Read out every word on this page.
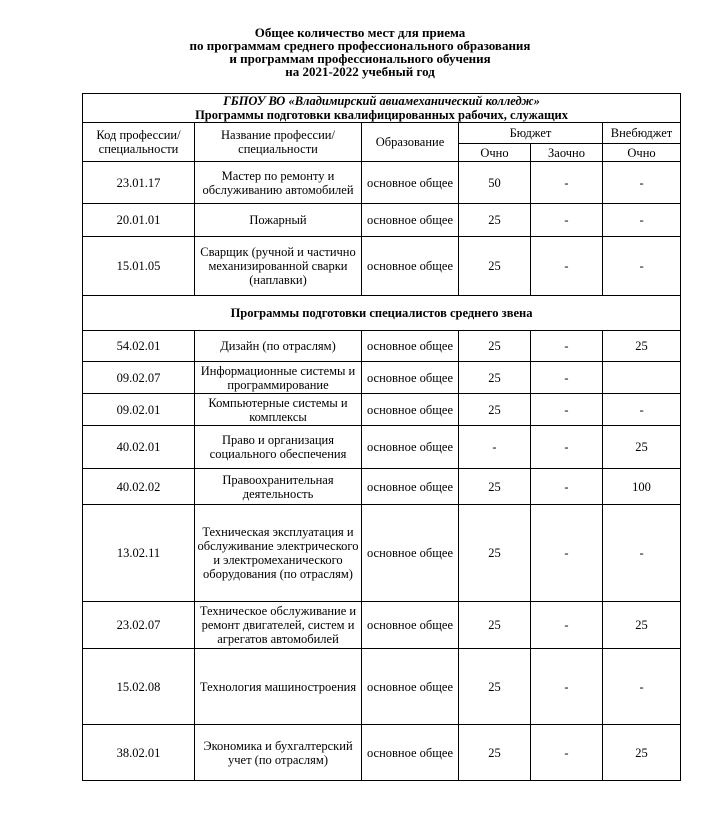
Общее количество мест для приема
по программам среднего профессионального образования
и программам профессионального обучения
на 2021-2022 учебный год
ГБПОУ ВО «Владимирский авиамеханический колледж»					
Программы подготовки квалифицированных рабочих, служащих					
Код профессии/ специальности	Название профессии/ специальности	Образование	Бюджет		Внебюджет
			Очно	Заочно	Очно
23.01.17	Мастер по ремонту и обслуживанию автомобилей	основное общее	50	-	-
20.01.01	Пожарный	основное общее	25	-	-
15.01.05	Сварщик (ручной и частично механизированной сварки (наплавки)	основное общее	25	-	-
Программы подготовки специалистов среднего звена					
54.02.01	Дизайн (по отраслям)	основное общее	25	-	25
09.02.07	Информационные системы и программирование	основное общее	25	-	
09.02.01	Компьютерные системы и комплексы	основное общее	25	-	-
40.02.01	Право и организация социального обеспечения	основное общее	-	-	25
40.02.02	Правоохранительная деятельность	основное общее	25	-	100
13.02.11	Техническая эксплуатация и обслуживание электрического и электромеханического оборудования (по отраслям)	основное общее	25	-	-
23.02.07	Техническое обслуживание и ремонт двигателей, систем и агрегатов автомобилей	основное общее	25	-	25
15.02.08	Технология машиностроения	основное общее	25	-	-
38.02.01	Экономика и бухгалтерский учет (по отраслям)	основное общее	25	-	25
